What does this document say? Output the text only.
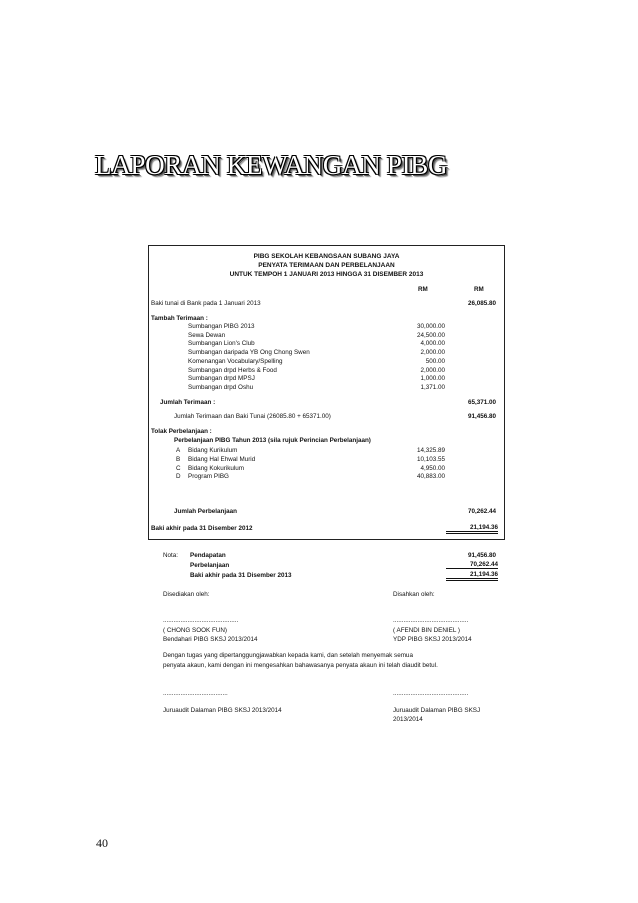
LAPORAN KEWANGAN PIBG
PIBG SEKOLAH KEBANGSAAN SUBANG JAYA
PENYATA TERIMAAN DAN PERBELANJAAN
UNTUK TEMPOH 1 JANUARI 2013 HINGGA 31 DISEMBER 2013
RM	RM
Baki tunai di Bank pada 1 Januari 2013	26,085.80
Tambah Terimaan :
Sumbangan PIBG 2013	30,000.00
Sewa Dewan	24,500.00
Sumbangan Lion's Club	4,000.00
Sumbangan daripada YB Ong Chong Swen	2,000.00
Komenangan Vocabulary/Spelling	500.00
Sumbangan drpd Herbs & Food	2,000.00
Sumbangan drpd MPSJ	1,000.00
Sumbangan drpd Oshu	1,371.00
Jumlah Terimaan :	65,371.00
Jumlah Terimaan dan Baki Tunai (26085.80 + 65371.00)	91,456.80
Tolak Perbelanjaan :
Perbelanjaan PIBG Tahun 2013 (sila rujuk Perincian Perbelanjaan)
A Bidang Kurikulum	14,325.89
B Bidang Hal Ehwal Murid	10,103.55
C Bidang Kokurikulum	4,950.00
D Program PIBG	40,883.00
Jumlah Perbelanjaan	70,262.44
Baki akhir pada 31 Disember 2012	21,194.36
Nota: Pendapatan	91,456.80
Perbelanjaan	70,262.44
Baki akhir pada 31 Disember 2013	21,194.36
Disediakan oleh:	Disahkan oleh:
...........................................	...........................................
( CHONG SOOK FUN)	( AFENDI BIN DENIEL )
Bendahari PIBG SKSJ 2013/2014	YDP PIBG SKSJ 2013/2014
Dengan tugas yang dipertanggungjawabkan kepada kami, dan setelah menyemak semua
penyata akaun, kami dengan ini mengesahkan bahawasanya penyata akaun ini telah diaudit betul.
.....................................	...........................................
Juruaudit Dalaman PIBG SKSJ 2013/2014	Juruaudit Dalaman PIBG SKSJ
2013/2014
40
